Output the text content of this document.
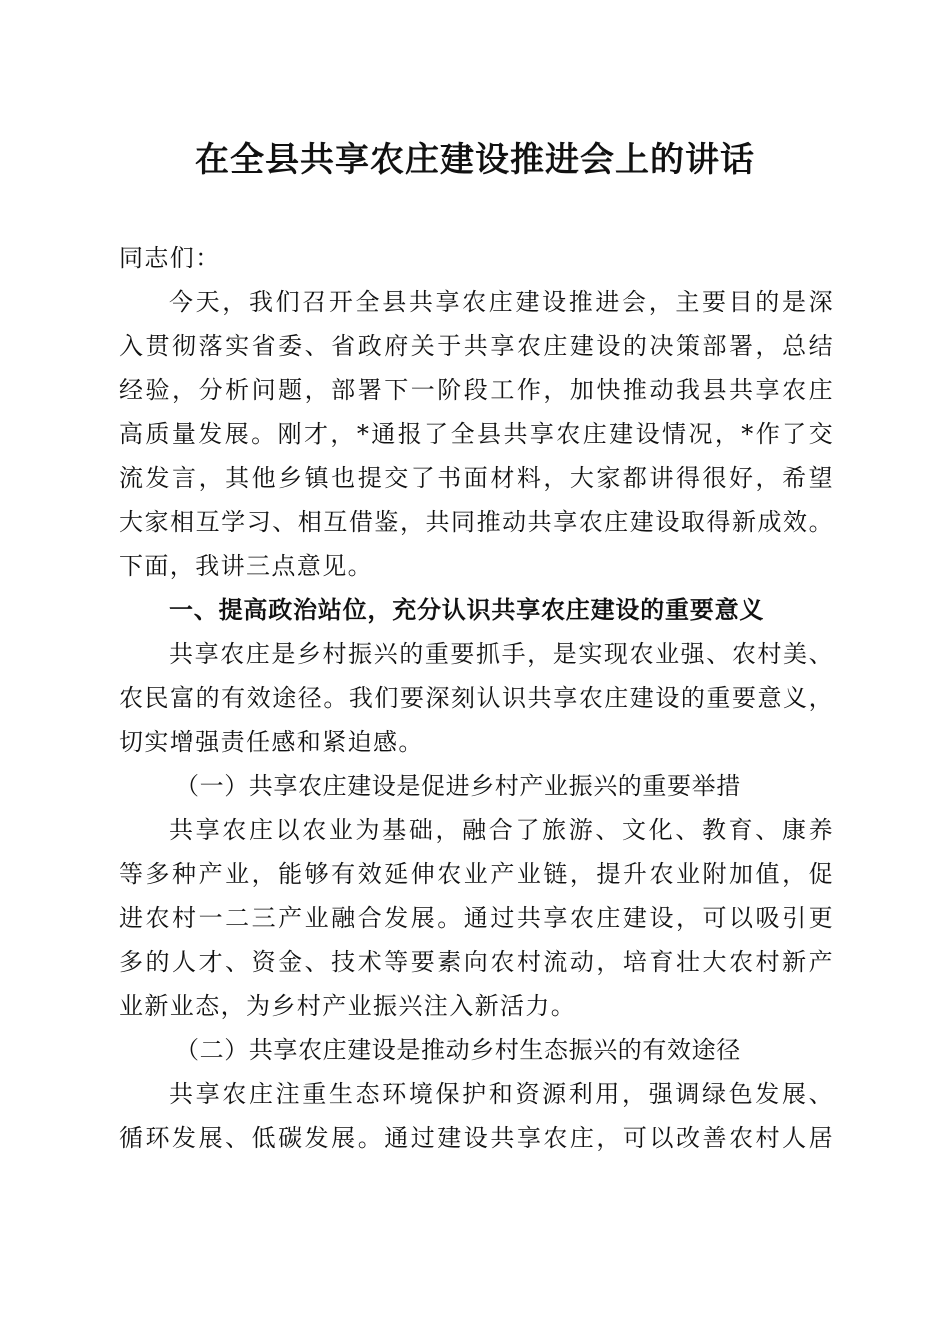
在全县共享农庄建设推进会上的讲话
同志们：
今天，我们召开全县共享农庄建设推进会，主要目的是深
入贯彻落实省委、省政府关于共享农庄建设的决策部署，总结
经验，分析问题，部署下一阶段工作，加快推动我县共享农庄
高质量发展。刚才，*通报了全县共享农庄建设情况，*作了交
流发言，其他乡镇也提交了书面材料，大家都讲得很好，希望
大家相互学习、相互借鉴，共同推动共享农庄建设取得新成效。
下面，我讲三点意见。
一、提高政治站位，充分认识共享农庄建设的重要意义
共享农庄是乡村振兴的重要抓手，是实现农业强、农村美、
农民富的有效途径。我们要深刻认识共享农庄建设的重要意义，
切实增强责任感和紧迫感。
（一）共享农庄建设是促进乡村产业振兴的重要举措
共享农庄以农业为基础，融合了旅游、文化、教育、康养
等多种产业，能够有效延伸农业产业链，提升农业附加值，促
进农村一二三产业融合发展。通过共享农庄建设，可以吸引更
多的人才、资金、技术等要素向农村流动，培育壮大农村新产
业新业态，为乡村产业振兴注入新活力。
（二）共享农庄建设是推动乡村生态振兴的有效途径
共享农庄注重生态环境保护和资源利用，强调绿色发展、
循环发展、低碳发展。通过建设共享农庄，可以改善农村人居
